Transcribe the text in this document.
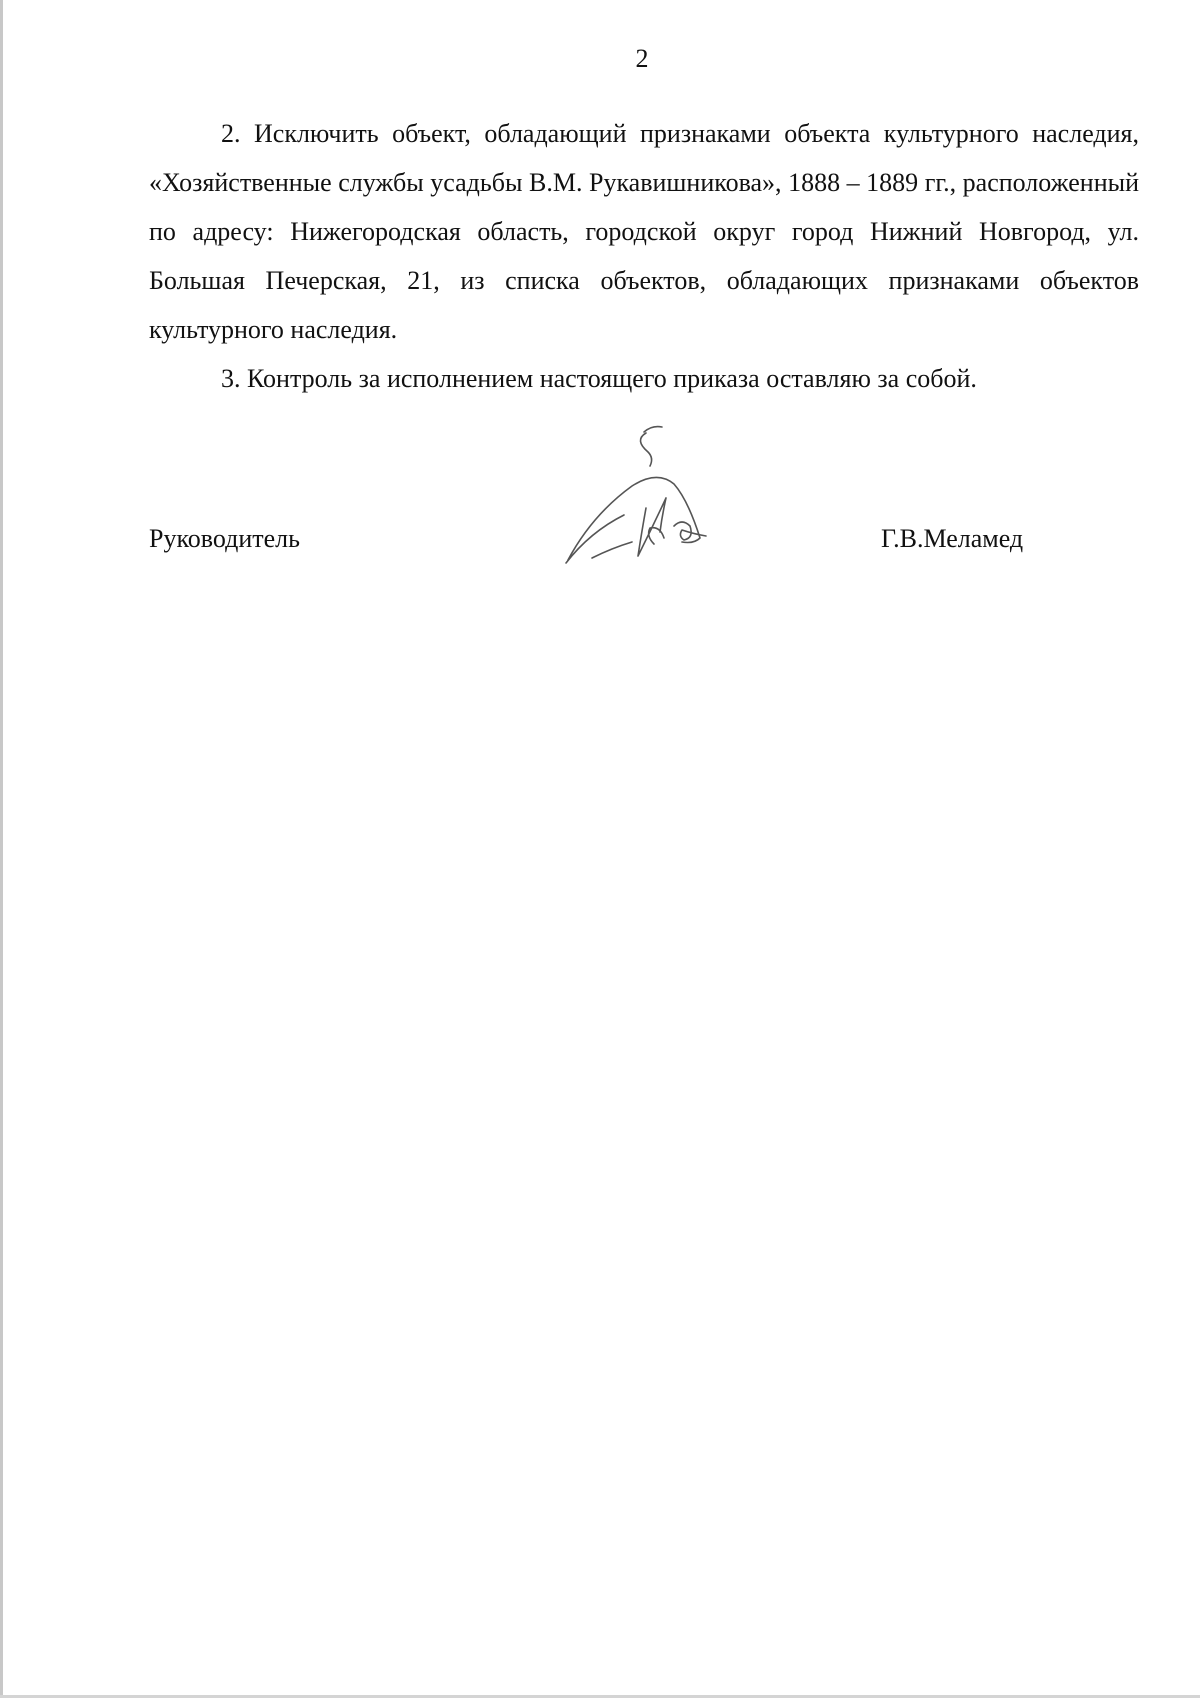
2

2. Исключить объект, обладающий признаками объекта культурного наследия, «Хозяйственные службы усадьбы В.М. Рукавишникова», 1888 – 1889 гг., расположенный по адресу: Нижегородская область, городской округ город Нижний Новгород, ул. Большая Печерская, 21, из списка объектов, обладающих признаками объектов культурного наследия.

3. Контроль за исполнением настоящего приказа оставляю за собой.

Руководитель	Г.В.Меламед
